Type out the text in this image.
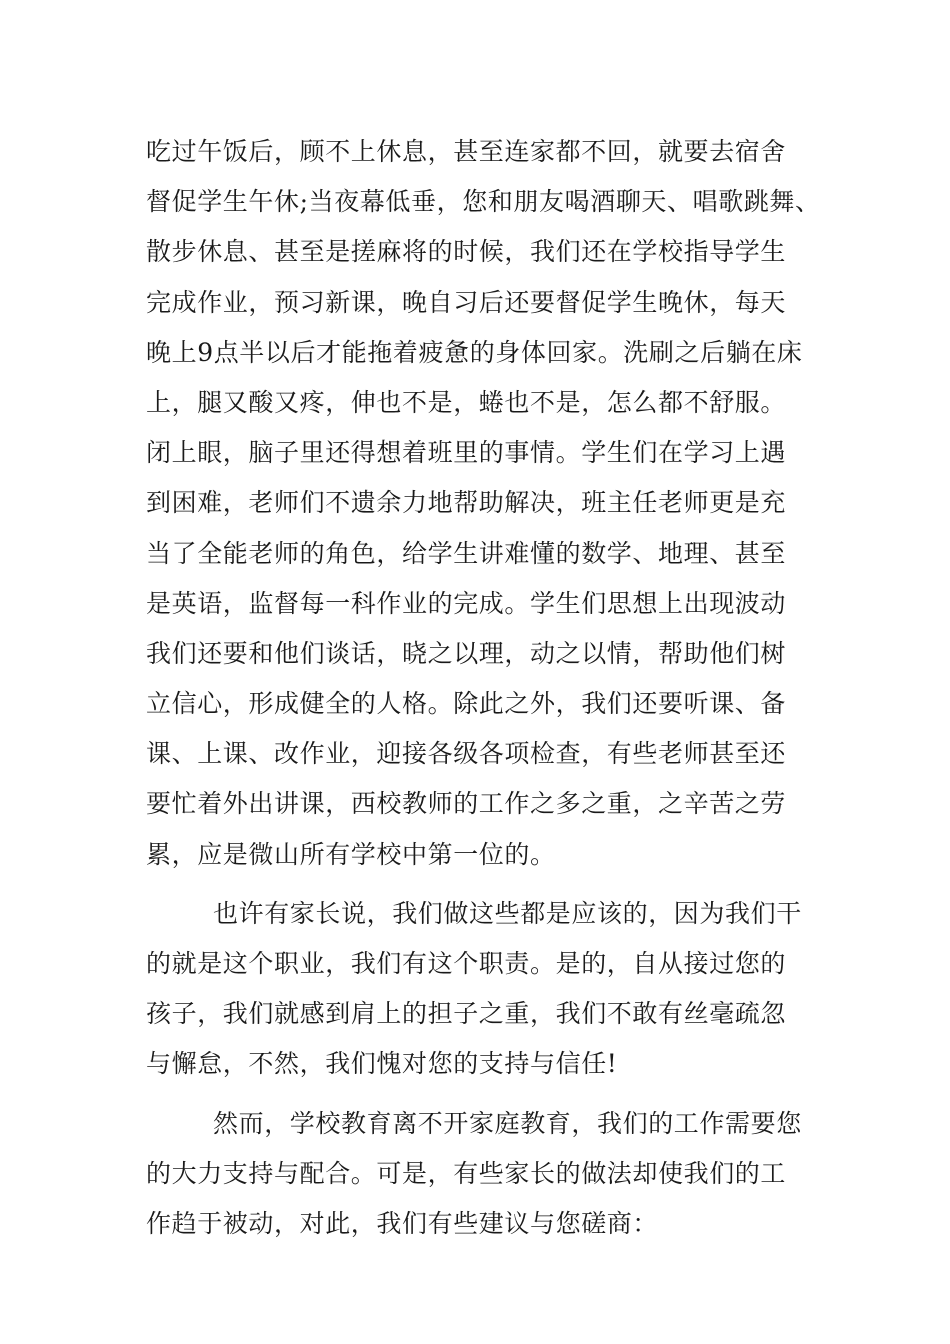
吃过午饭后，顾不上休息，甚至连家都不回，就要去宿舍
督促学生午休;当夜幕低垂，您和朋友喝酒聊天、唱歌跳舞、
散步休息、甚至是搓麻将的时候，我们还在学校指导学生
完成作业，预习新课，晚自习后还要督促学生晚休，每天
晚上9点半以后才能拖着疲惫的身体回家。洗刷之后躺在床
上，腿又酸又疼，伸也不是，蜷也不是，怎么都不舒服。
闭上眼，脑子里还得想着班里的事情。学生们在学习上遇
到困难，老师们不遗余力地帮助解决，班主任老师更是充
当了全能老师的角色，给学生讲难懂的数学、地理、甚至
是英语，监督每一科作业的完成。学生们思想上出现波动
我们还要和他们谈话，晓之以理，动之以情，帮助他们树
立信心，形成健全的人格。除此之外，我们还要听课、备
课、上课、改作业，迎接各级各项检查，有些老师甚至还
要忙着外出讲课，西校教师的工作之多之重，之辛苦之劳
累，应是微山所有学校中第一位的。
也许有家长说，我们做这些都是应该的，因为我们干
的就是这个职业，我们有这个职责。是的，自从接过您的
孩子，我们就感到肩上的担子之重，我们不敢有丝毫疏忽
与懈怠，不然，我们愧对您的支持与信任!
然而，学校教育离不开家庭教育，我们的工作需要您
的大力支持与配合。可是，有些家长的做法却使我们的工
作趋于被动，对此，我们有些建议与您磋商：
